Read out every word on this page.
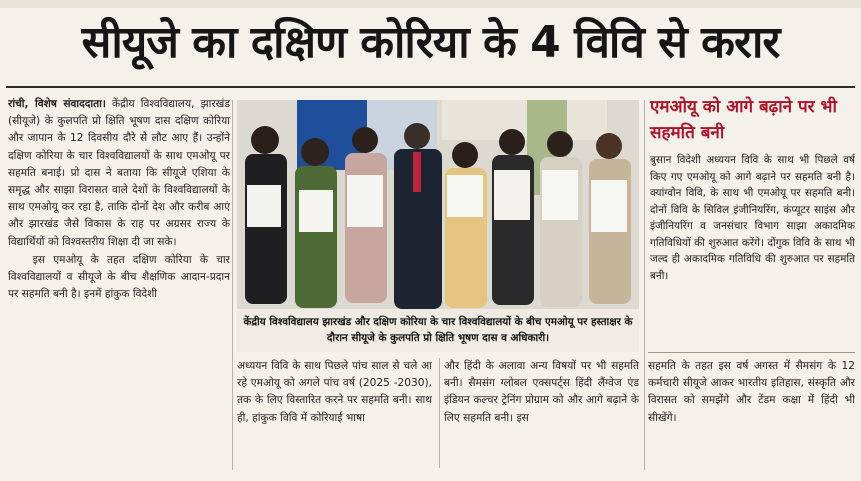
सीयूजे का दक्षिण कोरिया के 4 विवि से करार

रांची, विशेष संवाददाता। केंद्रीय विश्वविद्यालय, झारखंड (सीयूजे) के कुलपति प्रो क्षिति भूषण दास दक्षिण कोरिया और जापान के 12 दिवसीय दौरे से लौट आए हैं। उन्होंने दक्षिण कोरिया के चार विश्वविद्यालयों के साथ एमओयू पर सहमति बनाई। प्रो दास ने बताया कि सीयूजे एशिया के समृद्ध और साझा विरासत वाले देशों के विश्वविद्यालयों के साथ एमओयू कर रहा है, ताकि दोनों देश और करीब आएं और झारखंड जैसे विकास के राह पर अग्रसर राज्य के विद्यार्थियों को विश्वस्तरीय शिक्षा दी जा सके।

इस एमओयू के तहत दक्षिण कोरिया के चार विश्वविद्यालयों व सीयूजे के बीच शैक्षणिक आदान-प्रदान पर सहमति बनी है। इनमें हांकुक विदेशी

केंद्रीय विश्वविद्यालय झारखंड और दक्षिण कोरिया के चार विश्वविद्यालयों के बीच एमओयू पर हस्ताक्षर के दौरान सीयूजे के कुलपति प्रो क्षिति भूषण दास व अधिकारी।

अध्ययन विवि के साथ पिछले पांच साल से चले आ रहे एमओयू को अगले पांच वर्ष (2025 -2030), तक के लिए विस्तारित करने पर सहमति बनी। साथ ही, हांकुक विवि में कोरियाई भाषा

और हिंदी के अलावा अन्य विषयों पर भी सहमति बनी। सैमसंग ग्लोबल एक्सपर्ट्स हिंदी लैंग्वेज एंड इंडियन कल्चर ट्रेनिंग प्रोग्राम को और आगे बढ़ाने के लिए सहमति बनी। इस

एमओयू को आगे बढ़ाने पर भी सहमति बनी
बुसान विदेशी अध्ययन विवि के साथ भी पिछले वर्ष किए गए एमओयू को आगे बढ़ाने पर सहमति बनी है। क्यांग्वोन विवि, के साथ भी एमओयू पर सहमति बनी। दोनों विवि के सिविल इंजीनियरिंग, कंप्यूटर साइंस और इंजीनियरिंग व जनसंचार विभाग साझा अकादमिक गतिविधियों की शुरुआत करेंगे। दोंगुक विवि के साथ भी जल्द ही अकादमिक गतिविधि की शुरुआत पर सहमति बनी।

सहमति के तहत इस वर्ष अगस्त में सैमसंग के 12 कर्मचारी सीयूजे आकर भारतीय इतिहास, संस्कृति और विरासत को समझेंगे और टेंडम कक्षा में हिंदी भी सीखेंगे।
